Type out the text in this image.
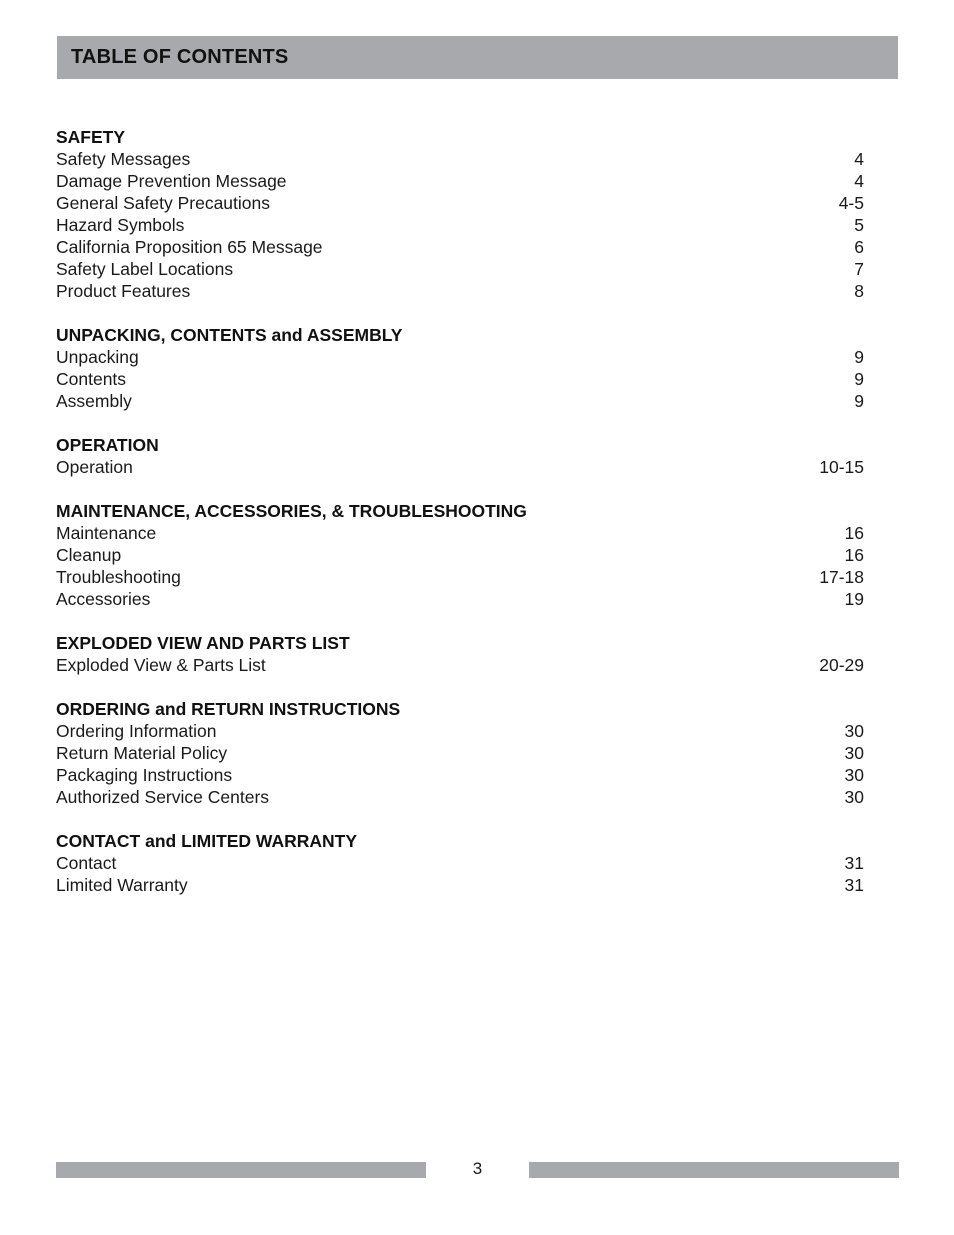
TABLE OF CONTENTS
SAFETY
Safety Messages	4
Damage Prevention Message	4
General Safety Precautions	4-5
Hazard Symbols	5
California Proposition 65 Message	6
Safety Label Locations	7
Product Features	8
UNPACKING, CONTENTS and ASSEMBLY
Unpacking	9
Contents	9
Assembly	9
OPERATION
Operation	10-15
MAINTENANCE, ACCESSORIES, & TROUBLESHOOTING
Maintenance	16
Cleanup	16
Troubleshooting	17-18
Accessories	19
EXPLODED VIEW AND PARTS LIST
Exploded View & Parts List	20-29
ORDERING and RETURN INSTRUCTIONS
Ordering Information	30
Return Material Policy	30
Packaging Instructions	30
Authorized Service Centers	30
CONTACT and LIMITED WARRANTY
Contact	31
Limited Warranty	31
3
